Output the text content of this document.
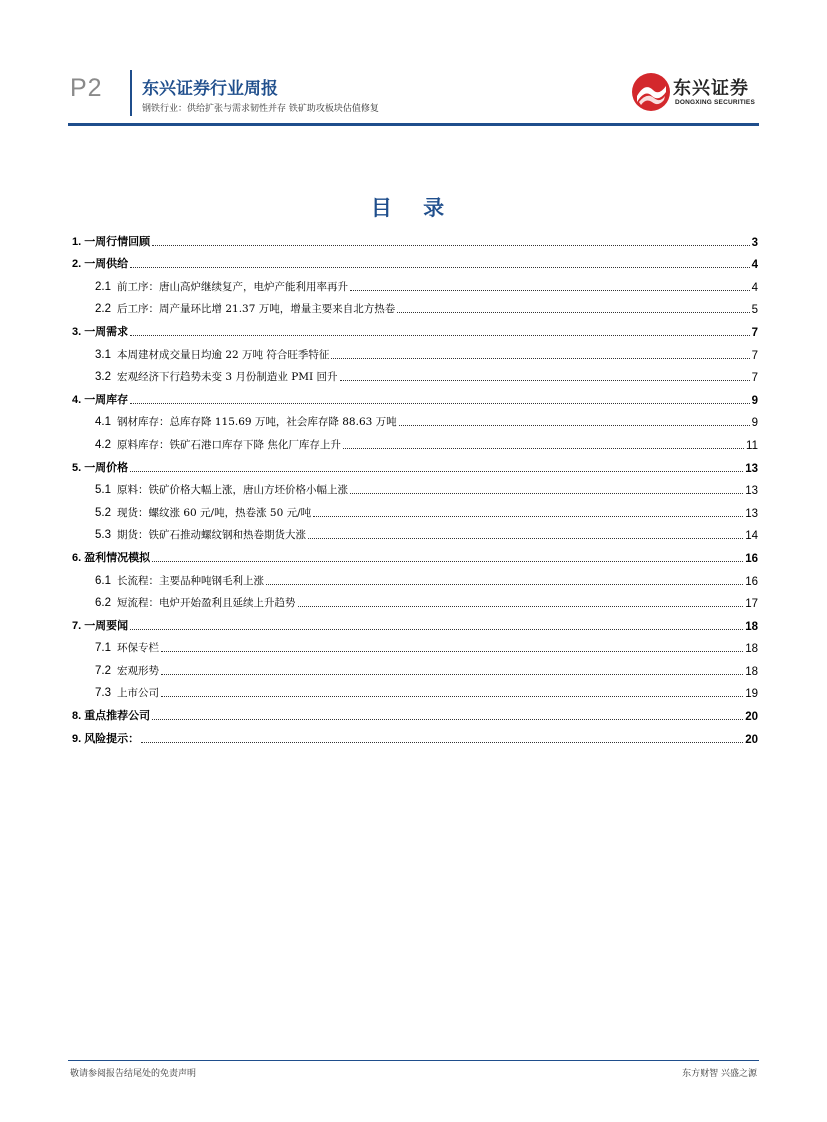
P2 东兴证券行业周报
钢铁行业：供给扩张与需求韧性并存 铁矿助攻板块估值修复
东兴证券
DONGXING SECURITIES
目 录
1. 一周行情回顾	3
2. 一周供给	4
2.1 前工序：唐山高炉继续复产，电炉产能利用率再升	4
2.2 后工序：周产量环比增 21.37 万吨，增量主要来自北方热卷	5
3. 一周需求	7
3.1 本周建材成交量日均逾 22 万吨 符合旺季特征	7
3.2 宏观经济下行趋势未变 3 月份制造业 PMI 回升	7
4. 一周库存	9
4.1 钢材库存：总库存降 115.69 万吨，社会库存降 88.63 万吨	9
4.2 原料库存：铁矿石港口库存下降 焦化厂库存上升	11
5. 一周价格	13
5.1 原料：铁矿价格大幅上涨，唐山方坯价格小幅上涨	13
5.2 现货：螺纹涨 60 元/吨，热卷涨 50 元/吨	13
5.3 期货：铁矿石推动螺纹钢和热卷期货大涨	14
6. 盈利情况模拟	16
6.1 长流程：主要品种吨钢毛利上涨	16
6.2 短流程：电炉开始盈利且延续上升趋势	17
7. 一周要闻	18
7.1 环保专栏	18
7.2 宏观形势	18
7.3 上市公司	19
8. 重点推荐公司	20
9. 风险提示：	20
敬请参阅报告结尾处的免责声明	东方财智 兴盛之源
